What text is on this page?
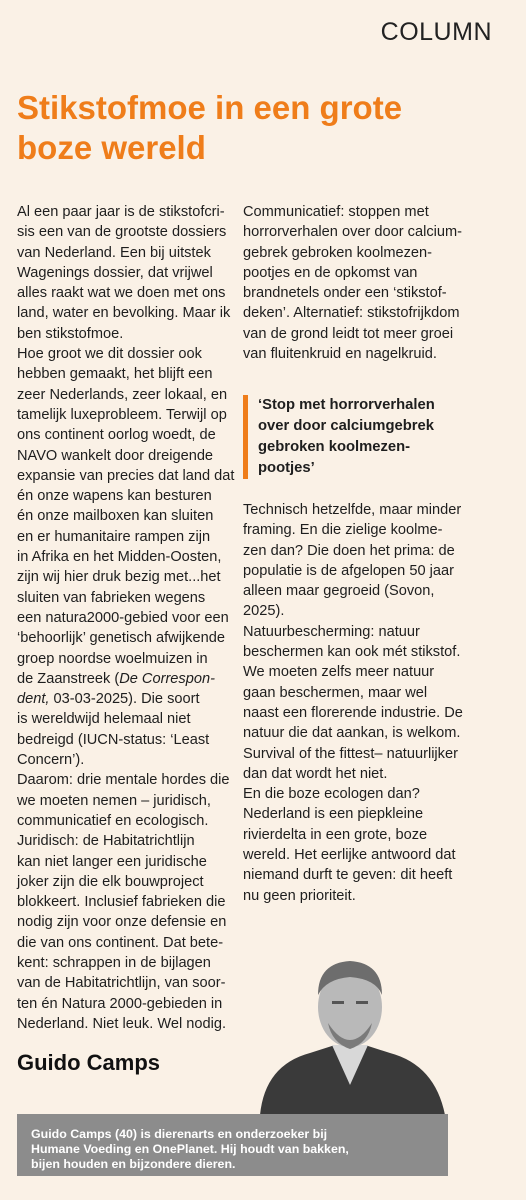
COLUMN
Stikstofmoe in een grote
boze wereld

Al een paar jaar is de stikstofcri-
sis een van de grootste dossiers
van Nederland. Een bij uitstek
Wagenings dossier, dat vrijwel
alles raakt wat we doen met ons
land, water en bevolking. Maar ik
ben stikstofmoe.

Hoe groot we dit dossier ook
hebben gemaakt, het blijft een
zeer Nederlands, zeer lokaal, en
tamelijk luxeprobleem. Terwijl op
ons continent oorlog woedt, de
NAVO wankelt door dreigende
expansie van precies dat land dat
én onze wapens kan besturen
én onze mailboxen kan sluiten
en er humanitaire rampen zijn
in Afrika en het Midden-Oosten,
zijn wij hier druk bezig met...het
sluiten van fabrieken wegens
een natura2000-gebied voor een
‘behoorlijk’ genetisch afwijkende
groep noordse woelmuizen in
de Zaanstreek (De Correspon-
dent, 03-03-2025). Die soort
is wereldwijd helemaal niet
bedreigd (IUCN-status: ‘Least
Concern’).

Daarom: drie mentale hordes die
we moeten nemen – juridisch,
communicatief en ecologisch.

Juridisch: de Habitatrichtlijn
kan niet langer een juridische
joker zijn die elk bouwproject
blokkeert. Inclusief fabrieken die
nodig zijn voor onze defensie en
die van ons continent. Dat bete-
kent: schrappen in de bijlagen
van de Habitatrichtlijn, van soor-
ten én Natura 2000-gebieden in
Nederland. Niet leuk. Wel nodig.

Communicatief: stoppen met
horrorverhalen over door calcium-
gebrek gebroken koolmezen-
pootjes en de opkomst van
brandnetels onder een ‘stikstof-
deken’. Alternatief: stikstofrijkdom
van de grond leidt tot meer groei
van fluitenkruid en nagelkruid.

‘Stop met horrorverhalen
over door calciumgebrek
gebroken koolmezen-
pootjes’

Technisch hetzelfde, maar minder
framing. En die zielige koolme-
zen dan? Die doen het prima: de
populatie is de afgelopen 50 jaar
alleen maar gegroeid (Sovon,
2025).

Natuurbescherming: natuur
beschermen kan ook mét stikstof.
We moeten zelfs meer natuur
gaan beschermen, maar wel
naast een florerende industrie. De
natuur die dat aankan, is welkom.
Survival of the fittest– natuurlijker
dan dat wordt het niet.

En die boze ecologen dan?
Nederland is een piepkleine
rivierdelta in een grote, boze
wereld. Het eerlijke antwoord dat
niemand durft te geven: dit heeft
nu geen prioriteit.

Guido Camps
Guido Camps (40) is dierenarts en onderzoeker bij
Humane Voeding en OnePlanet. Hij houdt van bakken,
bijen houden en bijzondere dieren.
